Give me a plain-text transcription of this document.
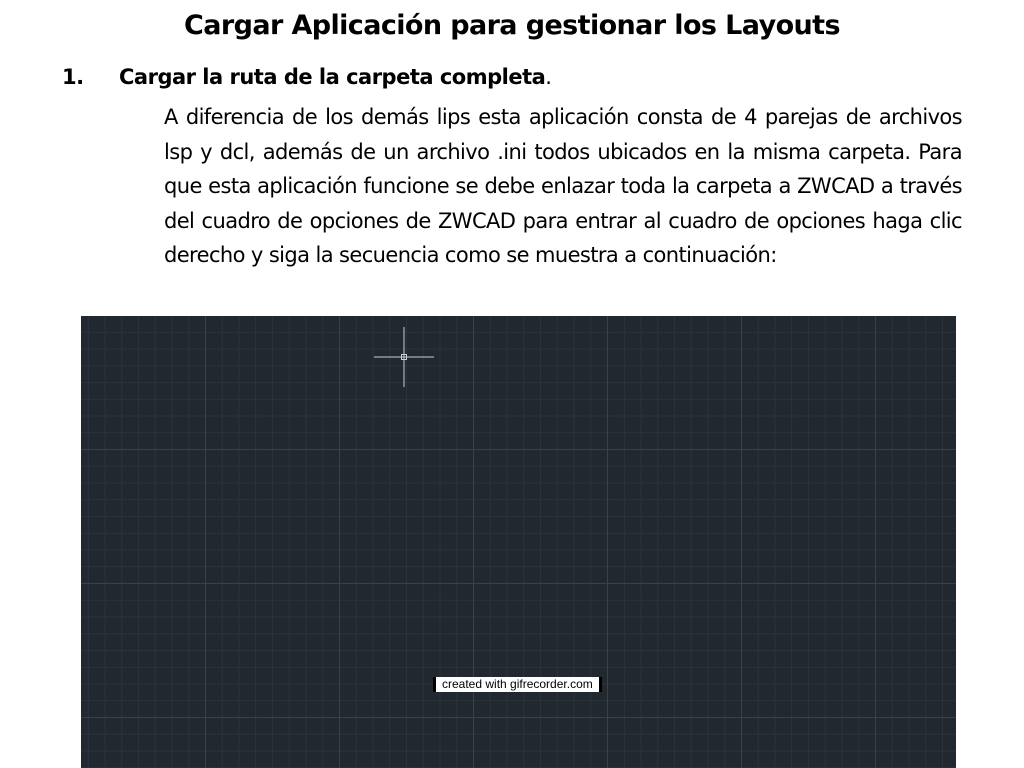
Cargar Aplicación para gestionar los Layouts
1. Cargar la ruta de la carpeta completa.
A diferencia de los demás lips esta aplicación consta de 4 parejas de archivos lsp y dcl, además de un archivo .ini todos ubicados en la misma carpeta. Para que esta aplicación funcione se debe enlazar toda la carpeta a ZWCAD a través del cuadro de opciones de ZWCAD para entrar al cuadro de opciones haga clic derecho y siga la secuencia como se muestra a continuación:
created with gifrecorder.com
